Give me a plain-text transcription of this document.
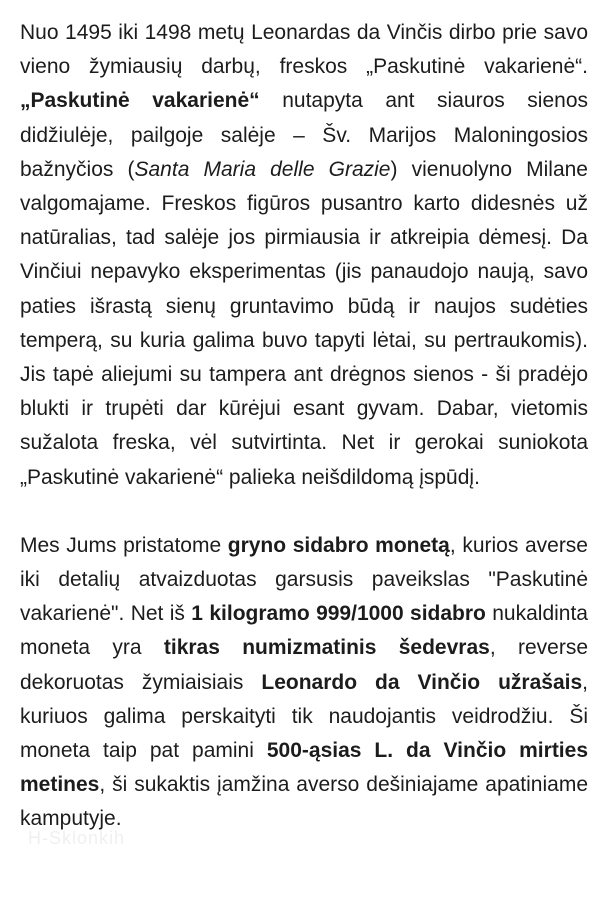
Nuo 1495 iki 1498 metų Leonardas da Vinčis dirbo prie savo vieno žymiausių darbų, freskos „Paskutinė vakarienė“. „Paskutinė vakarienė“ nutapyta ant siauros sienos didžiulėje, pailgoje salėje – Šv. Marijos Maloningosios bažnyčios (Santa Maria delle Grazie) vienuolyno Milane valgomajame. Freskos figūros pusantro karto didesnės už natūralias, tad salėje jos pirmiausia ir atkreipia dėmesį. Da Vinčiui nepavyko eksperimentas (jis panaudojo naują, savo paties išrastą sienų gruntavimo būdą ir naujos sudėties temperą, su kuria galima buvo tapyti lėtai, su pertraukomis). Jis tapė aliejumi su tampera ant drėgnos sienos - ši pradėjo blukti ir trupėti dar kūrėjui esant gyvam. Dabar, vietomis sužalota freska, vėl sutvirtinta. Net ir gerokai suniokota „Paskutinė vakarienė“ palieka neišdildomą įspūdį.

Mes Jums pristatome gryno sidabro monetą, kurios averse iki detalių atvaizduotas garsusis paveikslas "Paskutinė vakarienė". Net iš 1 kilogramo 999/1000 sidabro nukaldinta moneta yra tikras numizmatinis šedevras, reverse dekoruotas žymiaisiais Leonardo da Vinčio užrašais, kuriuos galima perskaityti tik naudojantis veidrodžiu. Ši moneta taip pat pamini 500-ąsias L. da Vinčio mirties metines, ši sukaktis įamžina averso dešiniajame apatiniame kamputyje.

H-Sklonkih
